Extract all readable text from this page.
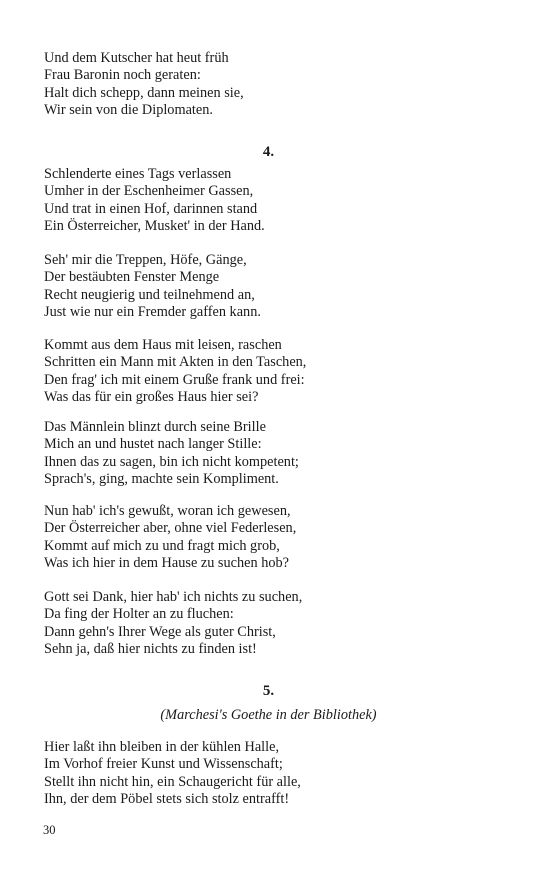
Und dem Kutscher hat heut früh
Frau Baronin noch geraten:
Halt dich schepp, dann meinen sie,
Wir sein von die Diplomaten.
4.
Schlenderte eines Tags verlassen
Umher in der Eschenheimer Gassen,
Und trat in einen Hof, darinnen stand
Ein Österreicher, Musket' in der Hand.
Seh' mir die Treppen, Höfe, Gänge,
Der bestäubten Fenster Menge
Recht neugierig und teilnehmend an,
Just wie nur ein Fremder gaffen kann.
Kommt aus dem Haus mit leisen, raschen
Schritten ein Mann mit Akten in den Taschen,
Den frag' ich mit einem Gruße frank und frei:
Was das für ein großes Haus hier sei?
Das Männlein blinzt durch seine Brille
Mich an und hustet nach langer Stille:
Ihnen das zu sagen, bin ich nicht kompetent;
Sprach's, ging, machte sein Kompliment.
Nun hab' ich's gewußt, woran ich gewesen,
Der Österreicher aber, ohne viel Federlesen,
Kommt auf mich zu und fragt mich grob,
Was ich hier in dem Hause zu suchen hob?
Gott sei Dank, hier hab' ich nichts zu suchen,
Da fing der Holter an zu fluchen:
Dann gehn's Ihrer Wege als guter Christ,
Sehn ja, daß hier nichts zu finden ist!
5.
(Marchesi's Goethe in der Bibliothek)
Hier laßt ihn bleiben in der kühlen Halle,
Im Vorhof freier Kunst und Wissenschaft;
Stellt ihn nicht hin, ein Schaugericht für alle,
Ihn, der dem Pöbel stets sich stolz entrafft!
30
